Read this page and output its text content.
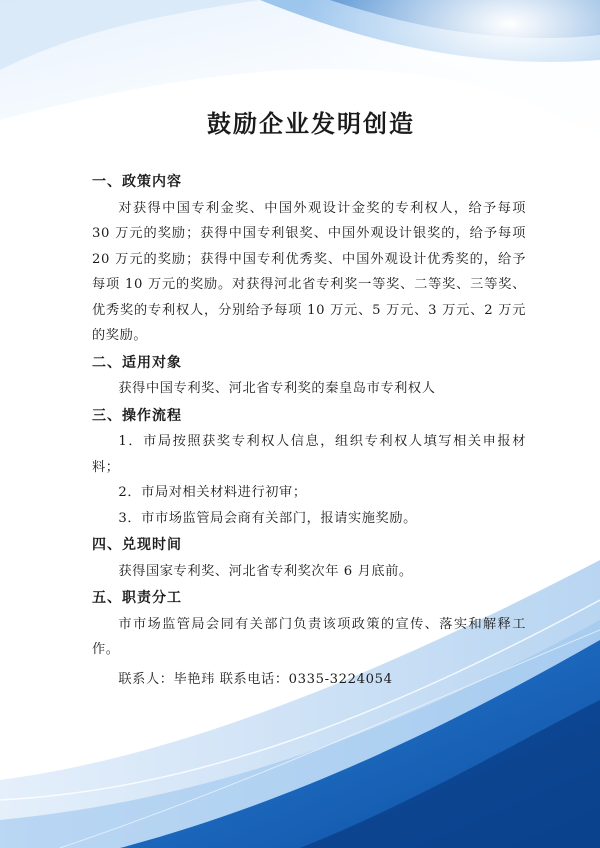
鼓励企业发明创造
一、政策内容
对获得中国专利金奖、中国外观设计金奖的专利权人，给予每项 30 万元的奖励；获得中国专利银奖、中国外观设计银奖的，给予每项 20 万元的奖励；获得中国专利优秀奖、中国外观设计优秀奖的，给予每项 10 万元的奖励。对获得河北省专利奖一等奖、二等奖、三等奖、优秀奖的专利权人，分别给予每项 10 万元、5 万元、3 万元、2 万元的奖励。
二、适用对象
获得中国专利奖、河北省专利奖的秦皇岛市专利权人
三、操作流程
1．市局按照获奖专利权人信息，组织专利权人填写相关申报材料；
2．市局对相关材料进行初审；
3．市市场监管局会商有关部门，报请实施奖励。
四、兑现时间
获得国家专利奖、河北省专利奖次年 6 月底前。
五、职责分工
市市场监管局会同有关部门负责该项政策的宣传、落实和解释工作。
联系人：毕艳玮 联系电话：0335-3224054
